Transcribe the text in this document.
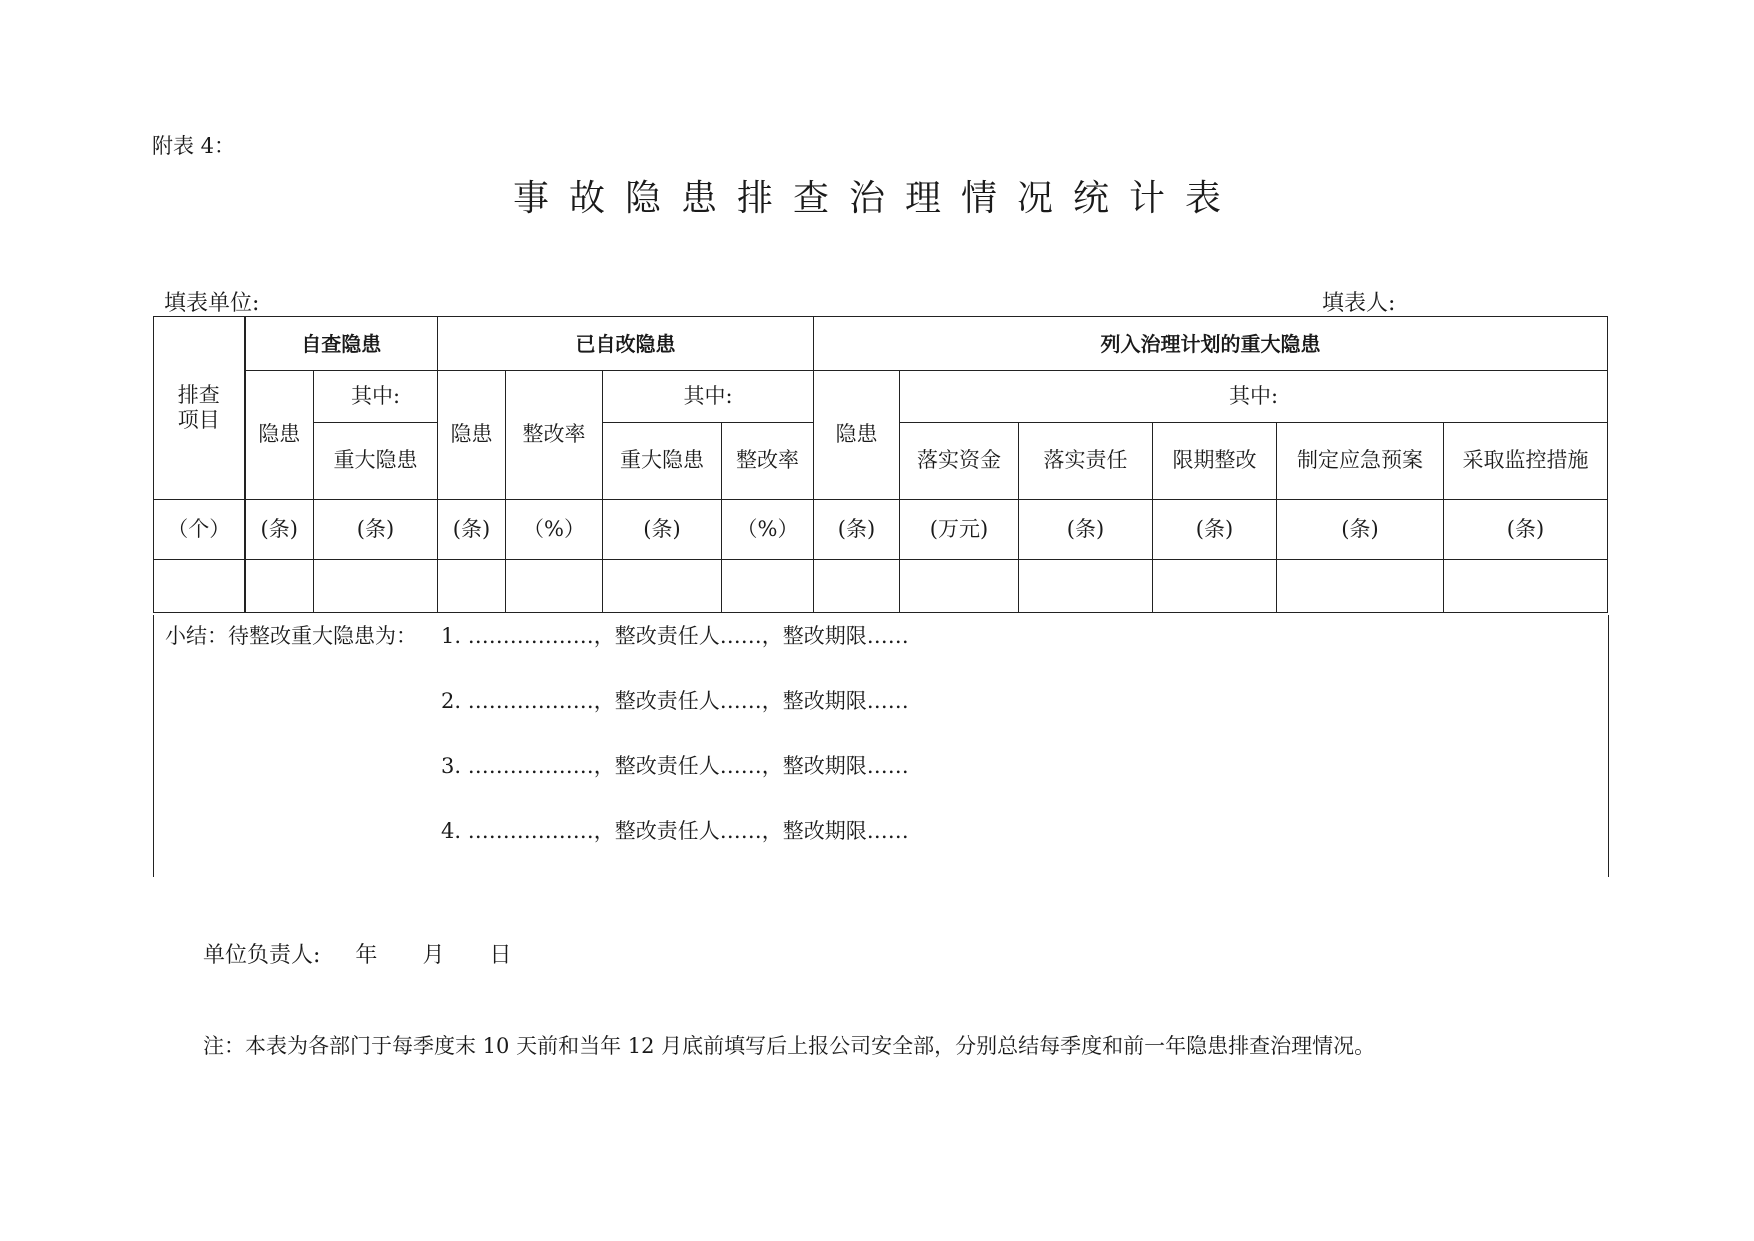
附表 4：
事故隐患排查治理情况统计表
填表单位:	填表人:
排查
项目	自查隐患		已自改隐患				列入治理计划的重大隐患					
	隐患	其中:	隐患	整改率	其中:		隐患	其中:				
		重大隐患			重大隐患	整改率		落实资金	落实责任	限期整改	制定应急预案	采取监控措施
（个）	(条)	(条)	(条)	（%）	(条)	（%）	(条)	(万元)	(条)	(条)	(条)	(条)

小结：待整改重大隐患为： 1. ………………，整改责任人……，整改期限……
2. ………………，整改责任人……，整改期限……
3. ………………，整改责任人……，整改期限……
4. ………………，整改责任人……，整改期限……
单位负责人: 年 月 日
注：本表为各部门于每季度末 10 天前和当年 12 月底前填写后上报公司安全部，分别总结每季度和前一年隐患排查治理情况。
